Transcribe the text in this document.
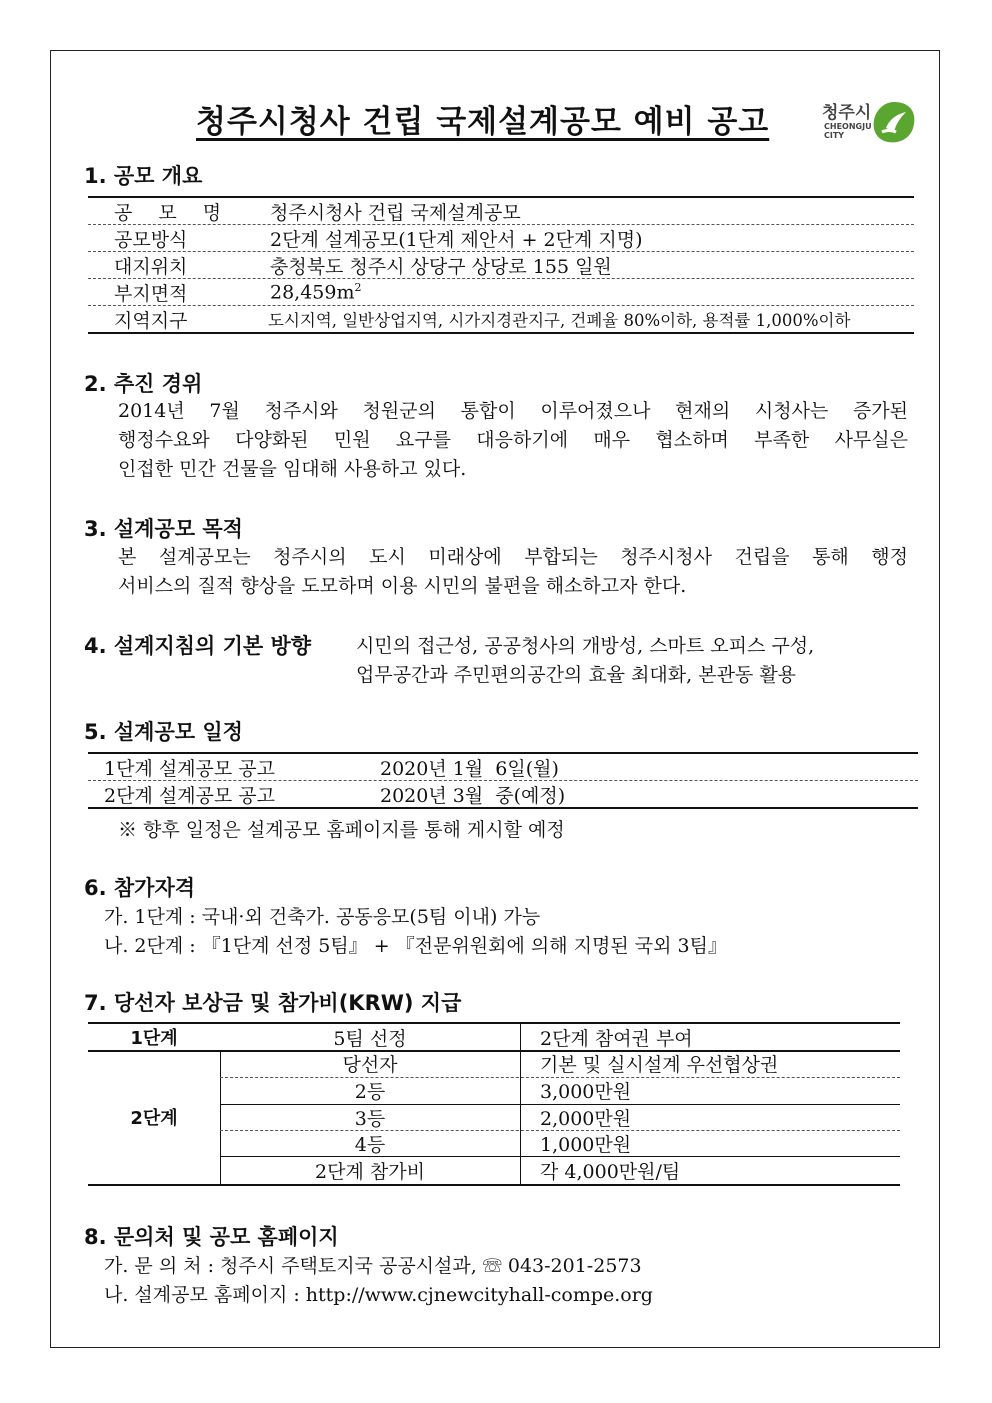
청주시청사 건립 국제설계공모 예비 공고	청주시
CHEONGJU
CITY
1. 공모 개요
공 모 명	청주시청사 건립 국제설계공모
공모방식	2단계 설계공모(1단계 제안서 + 2단계 지명)
대지위치	충청북도 청주시 상당구 상당로 155 일원
부지면적	$28,459m^2$
지역지구	도시지역, 일반상업지역, 시가지경관지구, 건폐율 80%이하, 용적률 1,000%이하
2. 추진 경위
2014년 7월 청주시와 청원군의 통합이 이루어졌으나 현재의 시청사는 증가된
행정수요와 다양화된 민원 요구를 대응하기에 매우 협소하며 부족한 사무실은
인접한 민간 건물을 임대해 사용하고 있다.
3. 설계공모 목적
본 설계공모는 청주시의 도시 미래상에 부합되는 청주시청사 건립을 통해 행정
서비스의 질적 향상을 도모하며 이용 시민의 불편을 해소하고자 한다.
4. 설계지침의 기본 방향 시민의 접근성, 공공청사의 개방성, 스마트 오피스 구성,
업무공간과 주민편의공간의 효율 최대화, 본관동 활용
5. 설계공모 일정
1단계 설계공모 공고	2020년 1월  6일(월)
2단계 설계공모 공고	2020년 3월  중(예정)
※ 향후 일정은 설계공모 홈페이지를 통해 게시할 예정
6. 참가자격
가. 1단계 : 국내·외 건축가. 공동응모(5팀 이내) 가능
나. 2단계 : 『1단계 선정 5팀』 + 『전문위원회에 의해 지명된 국외 3팀』
7. 당선자 보상금 및 참가비(KRW) 지급
1단계	5팀 선정	2단계 참여권 부여
2단계
당선자	기본 및 실시설계 우선협상권
2등	3,000만원
3등	2,000만원
4등	1,000만원
2단계 참가비	각 4,000만원/팀
8. 문의처 및 공모 홈페이지
가. 문 의 처 : 청주시 주택토지국 공공시설과, ☏ 043-201-2573
나. 설계공모 홈페이지 : http://www.cjnewcityhall-compe.org
